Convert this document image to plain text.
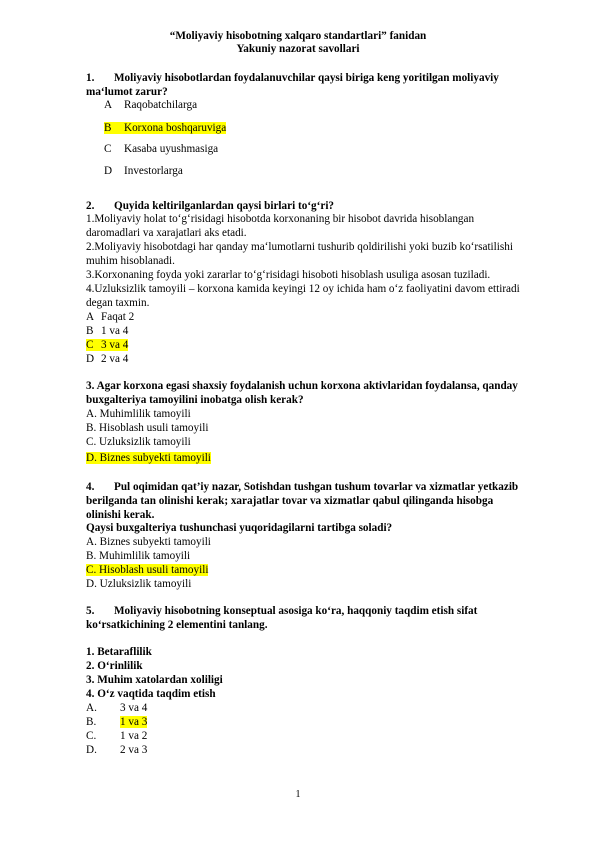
“Moliyaviy hisobotning xalqaro standartlari” fanidan
Yakuniy nazorat savollari
1. Moliyaviy hisobotlardan foydalanuvchilar qaysi biriga keng yoritilgan moliyaviy
ma‘lumot zarur?
A Raqobatchilarga
B Korxona boshqaruviga
C Kasaba uyushmasiga
D Investorlarga
2. Quyida keltirilganlardan qaysi birlari to‘g‘ri?
1.Moliyaviy holat to‘g‘risidagi hisobotda korxonaning bir hisobot davrida hisoblangan
daromadlari va xarajatlari aks etadi.
2.Moliyaviy hisobotdagi har qanday ma‘lumotlarni tushurib qoldirilishi yoki buzib ko‘rsatilishi
muhim hisoblanadi.
3.Korxonaning foyda yoki zararlar to‘g‘risidagi hisoboti hisoblash usuliga asosan tuziladi.
4.Uzluksizlik tamoyili – korxona kamida keyingi 12 oy ichida ham o‘z faoliyatini davom ettiradi
degan taxmin.
A Faqat 2
B 1 va 4
C 3 va 4
D 2 va 4
3. Agar korxona egasi shaxsiy foydalanish uchun korxona aktivlaridan foydalansa, qanday
buxgalteriya tamoyilini inobatga olish kerak?
A. Muhimlilik tamoyili
B. Hisoblash usuli tamoyili
C. Uzluksizlik tamoyili
D. Biznes subyekti tamoyili
4. Pul oqimidan qat’iy nazar, Sotishdan tushgan tushum tovarlar va xizmatlar yetkazib
berilganda tan olinishi kerak; xarajatlar tovar va xizmatlar qabul qilinganda hisobga
olinishi kerak.
Qaysi buxgalteriya tushunchasi yuqoridagilarni tartibga soladi?
A. Biznes subyekti tamoyili
B. Muhimlilik tamoyili
C. Hisoblash usuli tamoyili
D. Uzluksizlik tamoyili
5. Moliyaviy hisobotning konseptual asosiga ko‘ra, haqqoniy taqdim etish sifat
ko‘rsatkichining 2 elementini tanlang.
1. Betaraflilik
2. O‘rinlilik
3. Muhim xatolardan xoliligi
4. O‘z vaqtida taqdim etish
A. 3 va 4
B. 1 va 3
C. 1 va 2
D. 2 va 3
1
